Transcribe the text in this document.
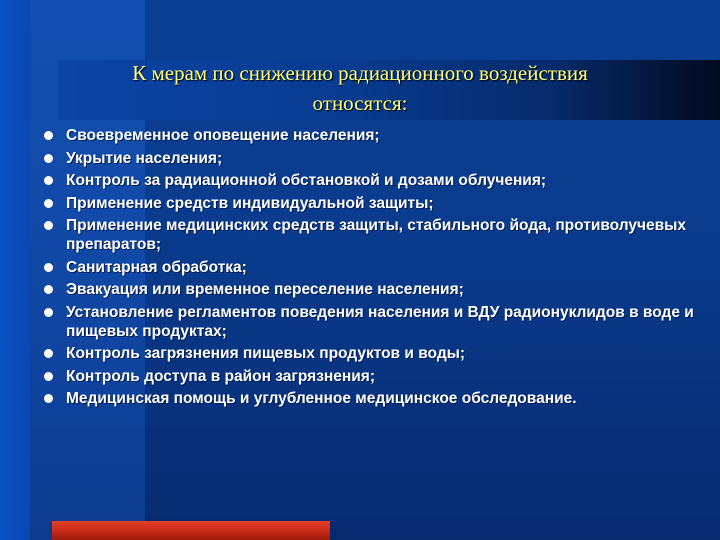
К мерам по снижению радиационного воздействия
относятся:
Своевременное оповещение населения;
Укрытие населения;
Контроль за радиационной обстановкой и дозами облучения;
Применение средств индивидуальной защиты;
Применение медицинских средств защиты, стабильного йода, противолучевых препаратов;
Санитарная обработка;
Эвакуация или временное переселение населения;
Установление регламентов поведения населения и ВДУ радионуклидов в воде и пищевых продуктах;
Контроль загрязнения пищевых продуктов и воды;
Контроль доступа в район загрязнения;
Медицинская помощь и углубленное медицинское обследование.
